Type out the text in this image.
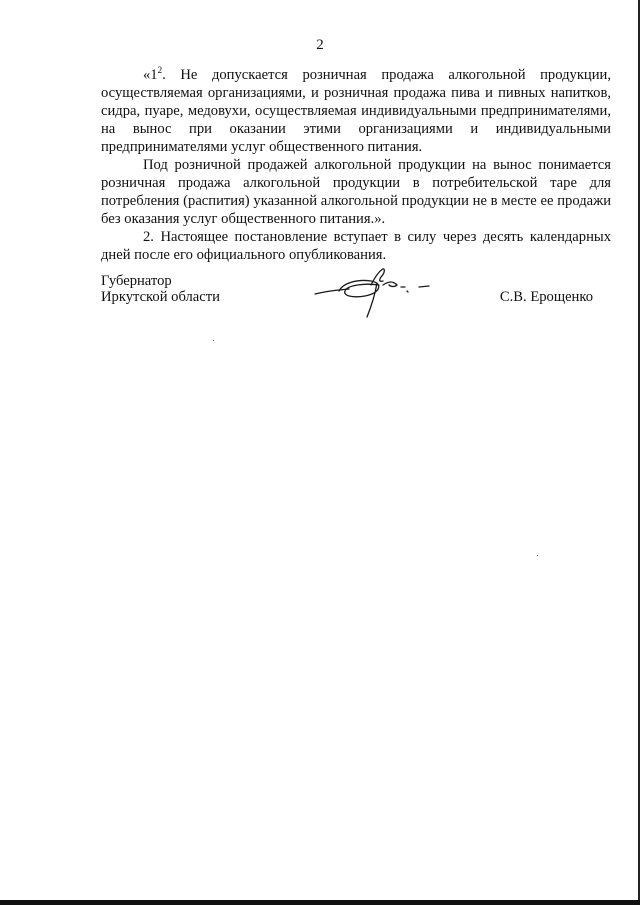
2

«$1^2$. Не допускается розничная продажа алкогольной продукции, осуществляемая организациями, и розничная продажа пива и пивных напитков, сидра, пуаре, медовухи, осуществляемая индивидуальными предпринимателями, на вынос при оказании этими организациями и индивидуальными предпринимателями услуг общественного питания.

Под розничной продажей алкогольной продукции на вынос понимается розничная продажа алкогольной продукции в потребительской таре для потребления (распития) указанной алкогольной продукции не в месте ее продажи без оказания услуг общественного питания.».

2. Настоящее постановление вступает в силу через десять календарных дней после его официального опубликования.

Губернатор
Иркутской области	С.В. Ерощенко
